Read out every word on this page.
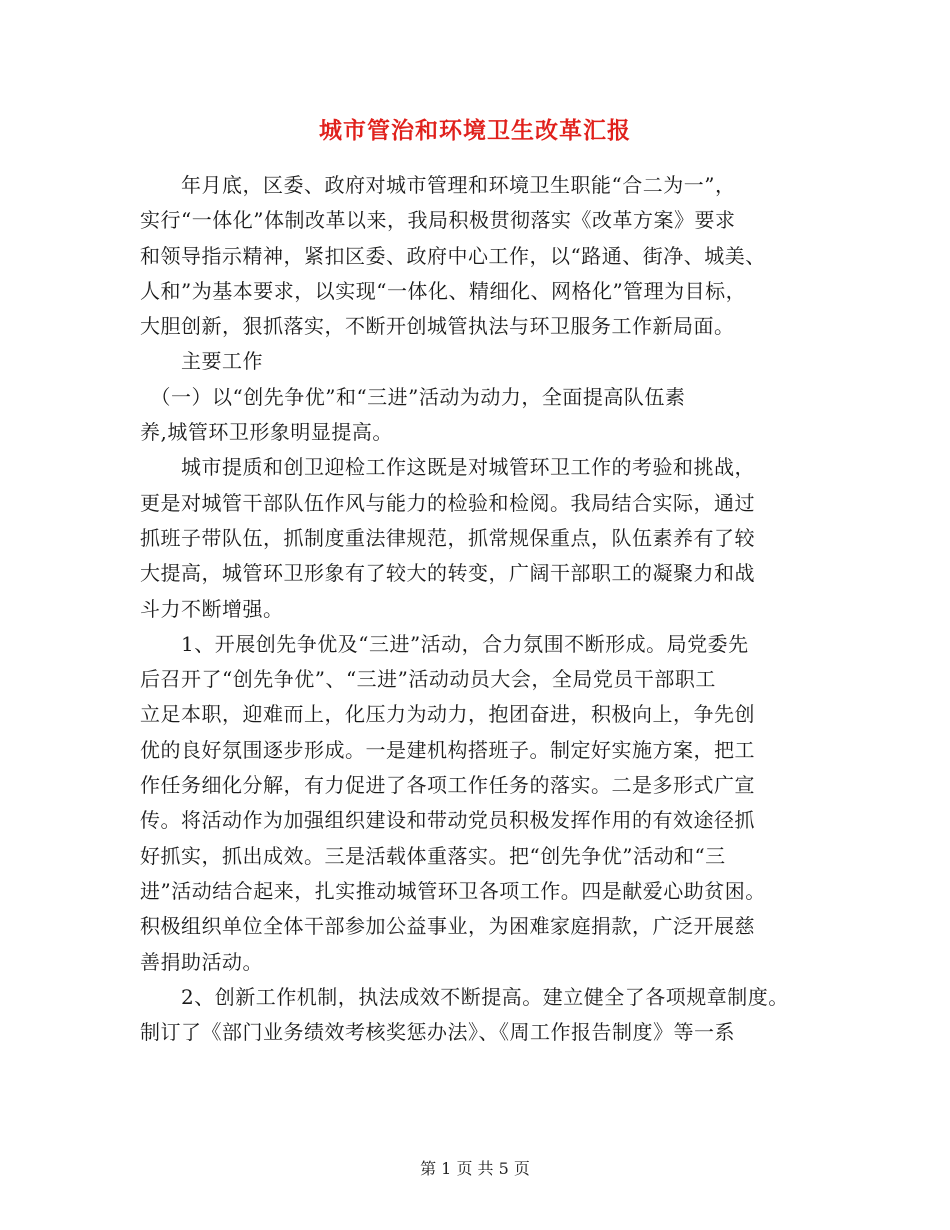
城市管治和环境卫生改革汇报
　　年月底，区委、政府对城市管理和环境卫生职能“合二为一”，
实行“一体化”体制改革以来，我局积极贯彻落实《改革方案》要求
和领导指示精神，紧扣区委、政府中心工作，以“路通、街净、城美、
人和”为基本要求，以实现“一体化、精细化、网格化”管理为目标，
大胆创新，狠抓落实，不断开创城管执法与环卫服务工作新局面。
　　主要工作
　（一）以“创先争优”和“三进”活动为动力，全面提高队伍素
养,城管环卫形象明显提高。
　　城市提质和创卫迎检工作这既是对城管环卫工作的考验和挑战，
更是对城管干部队伍作风与能力的检验和检阅。我局结合实际，通过
抓班子带队伍，抓制度重法律规范，抓常规保重点，队伍素养有了较
大提高，城管环卫形象有了较大的转变，广阔干部职工的凝聚力和战
斗力不断增强。
　　1、开展创先争优及“三进”活动，合力氛围不断形成。局党委先
后召开了“创先争优”、“三进”活动动员大会，全局党员干部职工
立足本职，迎难而上，化压力为动力，抱团奋进，积极向上，争先创
优的良好氛围逐步形成。一是建机构搭班子。制定好实施方案，把工
作任务细化分解，有力促进了各项工作任务的落实。二是多形式广宣
传。将活动作为加强组织建设和带动党员积极发挥作用的有效途径抓
好抓实，抓出成效。三是活载体重落实。把“创先争优”活动和“三
进”活动结合起来，扎实推动城管环卫各项工作。四是献爱心助贫困。
积极组织单位全体干部参加公益事业，为困难家庭捐款，广泛开展慈
善捐助活动。
　　2、创新工作机制，执法成效不断提高。建立健全了各项规章制度。
制订了《部门业务绩效考核奖惩办法》、《周工作报告制度》等一系
第 1 页 共 5 页
